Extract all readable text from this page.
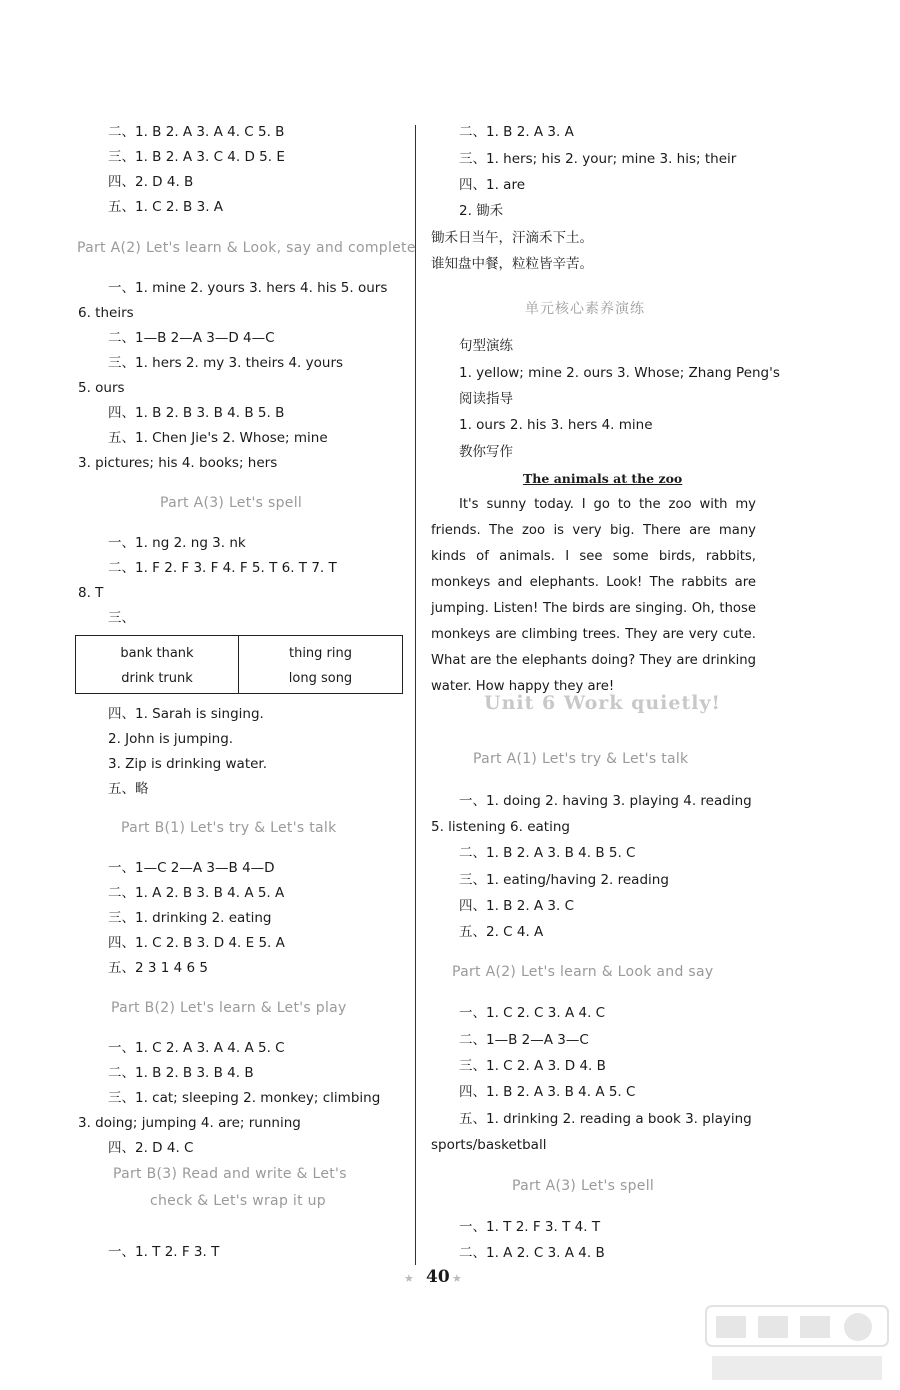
二、1. B 2. A 3. A 4. C 5. B
三、1. B 2. A 3. C 4. D 5. E
四、2. D 4. B
五、1. C 2. B 3. A
Part A(2) Let's learn & Look, say and complete
一、1. mine 2. yours 3. hers 4. his 5. ours
6. theirs
二、1—B 2—A 3—D 4—C
三、1. hers 2. my 3. theirs 4. yours
5. ours
四、1. B 2. B 3. B 4. B 5. B
五、1. Chen Jie's 2. Whose; mine
3. pictures; his 4. books; hers
Part A(3) Let's spell
一、1. ng 2. ng 3. nk
二、1. F 2. F 3. F 4. F 5. T 6. T 7. T
8. T
三、
bank thank
drink trunk
thing ring
long song
四、1. Sarah is singing.
2. John is jumping.
3. Zip is drinking water.
五、略
Part B(1) Let's try & Let's talk
一、1—C 2—A 3—B 4—D
二、1. A 2. B 3. B 4. A 5. A
三、1. drinking 2. eating
四、1. C 2. B 3. D 4. E 5. A
五、2 3 1 4 6 5
Part B(2) Let's learn & Let's play
一、1. C 2. A 3. A 4. A 5. C
二、1. B 2. B 3. B 4. B
三、1. cat; sleeping 2. monkey; climbing
3. doing; jumping 4. are; running
四、2. D 4. C
Part B(3) Read and write & Let's
check & Let's wrap it up
一、1. T 2. F 3. T
二、1. B 2. A 3. A
三、1. hers; his 2. your; mine 3. his; their
四、1. are
2. 锄禾
锄禾日当午，汗滴禾下土。
谁知盘中餐，粒粒皆辛苦。
单元核心素养演练
句型演练
1. yellow; mine 2. ours 3. Whose; Zhang Peng's
阅读指导
1. ours 2. his 3. hers 4. mine
教你写作
The animals at the zoo
It's sunny today. I go to the zoo with my friends. The zoo is very big. There are many kinds of animals. I see some birds, rabbits, monkeys and elephants. Look! The rabbits are jumping. Listen! The birds are singing. Oh, those monkeys are climbing trees. They are very cute. What are the elephants doing? They are drinking water. How happy they are!
Unit 6 Work quietly!
Part A(1) Let's try & Let's talk
一、1. doing 2. having 3. playing 4. reading
5. listening 6. eating
二、1. B 2. A 3. B 4. B 5. C
三、1. eating/having 2. reading
四、1. B 2. A 3. C
五、2. C 4. A
Part A(2) Let's learn & Look and say
一、1. C 2. C 3. A 4. C
二、1—B 2—A 3—C
三、1. C 2. A 3. D 4. B
四、1. B 2. A 3. B 4. A 5. C
五、1. drinking 2. reading a book 3. playing
sports/basketball
Part A(3) Let's spell
一、1. T 2. F 3. T 4. T
二、1. A 2. C 3. A 4. B
★ 40 ★
